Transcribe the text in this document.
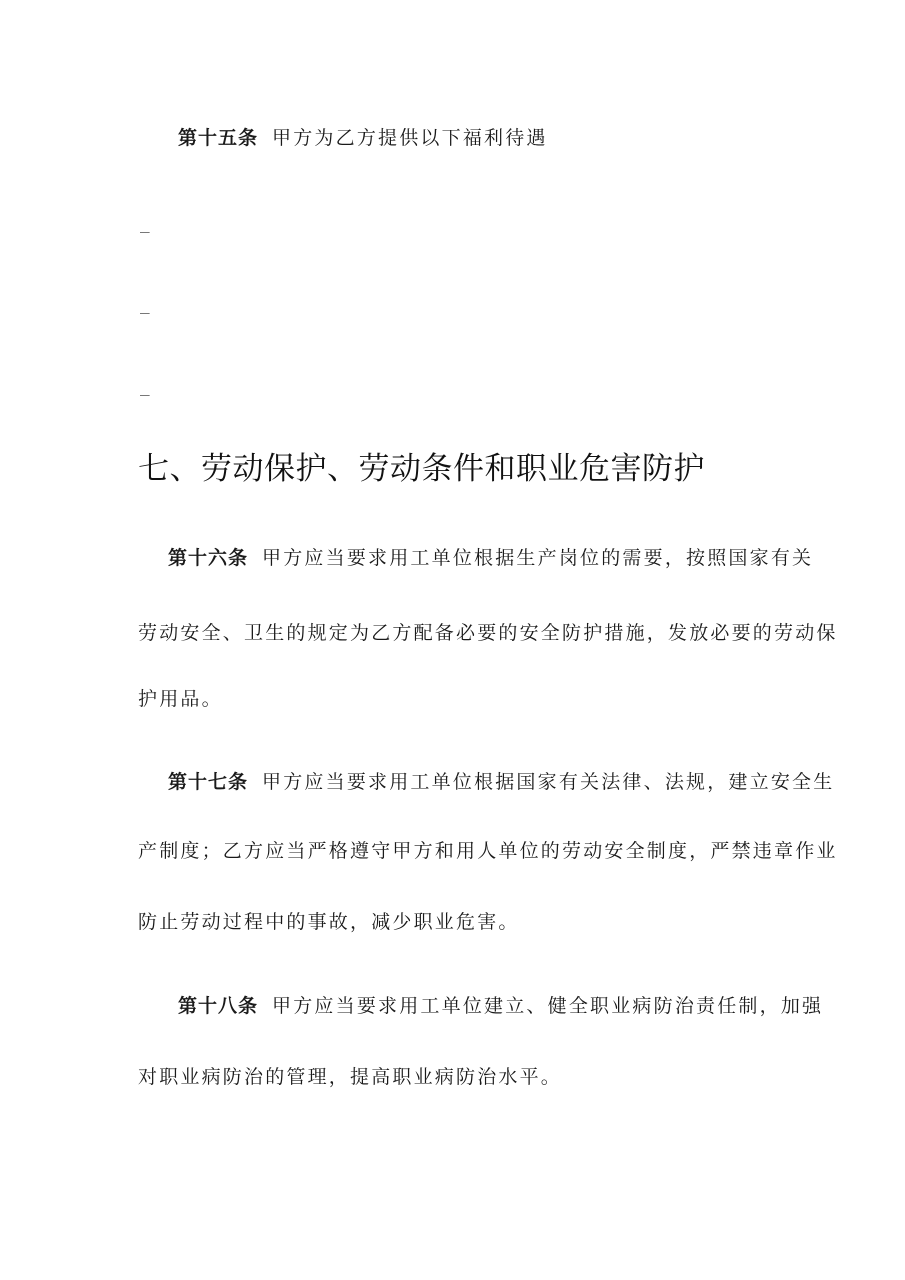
第十五条 甲方为乙方提供以下福利待遇
_
_
_
七、劳动保护、劳动条件和职业危害防护
第十六条 甲方应当要求用工单位根据生产岗位的需要，按照国家有关
劳动安全、卫生的规定为乙方配备必要的安全防护措施，发放必要的劳动保
护用品。
第十七条 甲方应当要求用工单位根据国家有关法律、法规，建立安全生
产制度；乙方应当严格遵守甲方和用人单位的劳动安全制度，严禁违章作业
防止劳动过程中的事故，减少职业危害。
第十八条 甲方应当要求用工单位建立、健全职业病防治责任制，加强
对职业病防治的管理，提高职业病防治水平。
